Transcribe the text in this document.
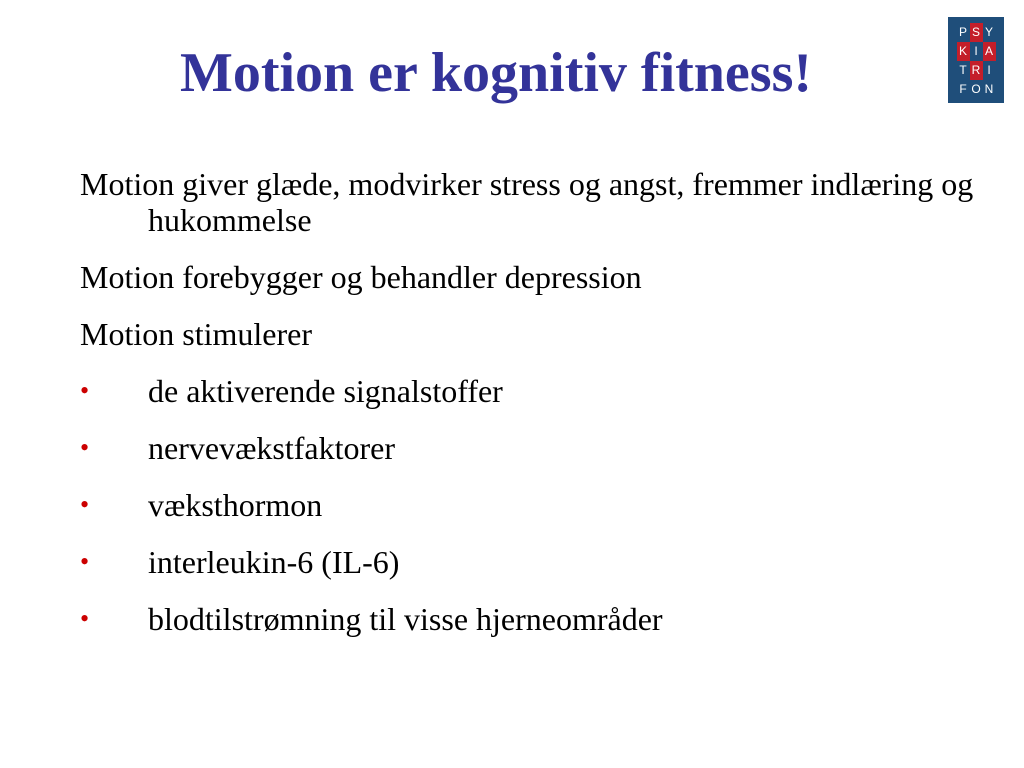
Motion er kognitiv fitness!
P S Y
K I A
T R I
F O N
D E N

Motion giver glæde, modvirker stress og angst, fremmer indlæring og hukommelse

Motion forebygger og behandler depression

Motion stimulerer

•	de aktiverende signalstoffer
•	nervevækstfaktorer
•	væksthormon
•	interleukin-6 (IL-6)
•	blodtilstrømning til visse hjerneområder
